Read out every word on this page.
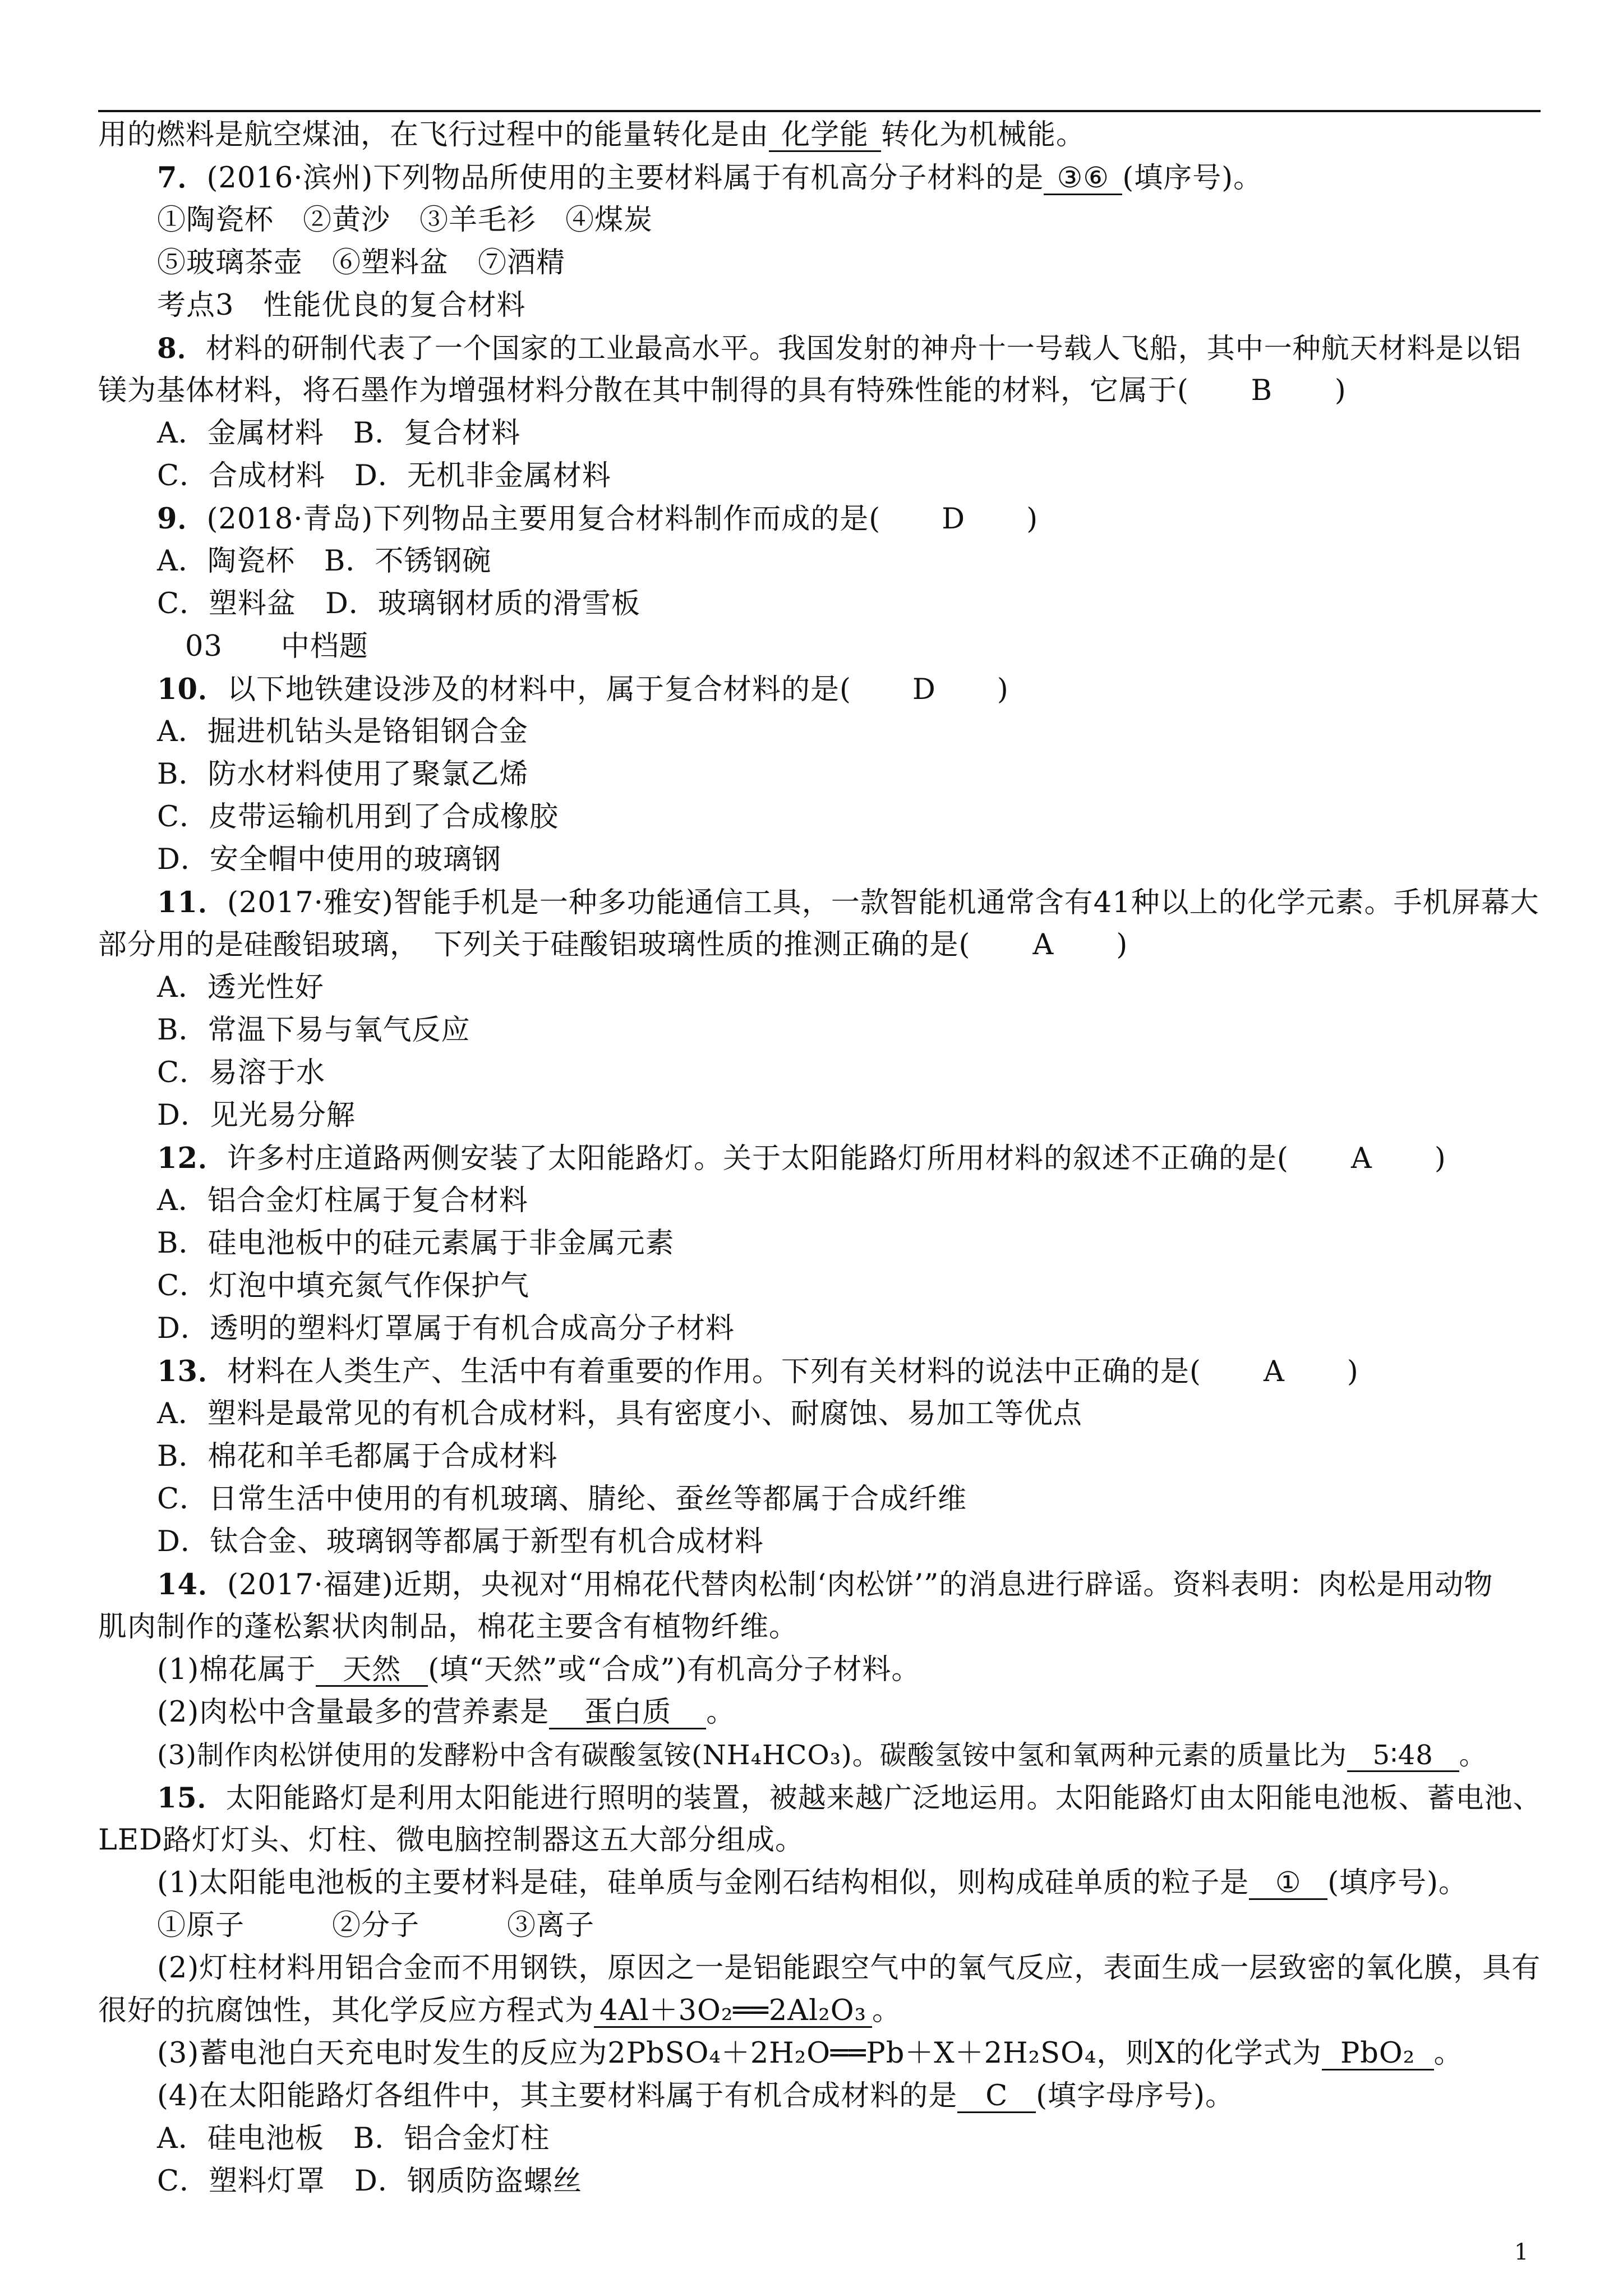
用的燃料是航空煤油，在飞行过程中的能量转化是由 化学能 转化为机械能。

7．(2016·滨州)下列物品所使用的主要材料属于有机高分子材料的是 ③⑥ (填序号)。

①陶瓷杯　②黄沙　③羊毛衫　④煤炭

⑤玻璃茶壶　⑥塑料盆　⑦酒精

考点3　性能优良的复合材料

8．材料的研制代表了一个国家的工业最高水平。我国发射的神舟十一号载人飞船，其中一种航天材料是以铝

镁为基体材料，将石墨作为增强材料分散在其中制得的具有特殊性能的材料，它属于( B )

A．金属材料　B．复合材料

C．合成材料　D．无机非金属材料

9．(2018·青岛)下列物品主要用复合材料制作而成的是( D )

A．陶瓷杯　B．不锈钢碗

C．塑料盆　D．玻璃钢材质的滑雪板

03　　中档题

10．以下地铁建设涉及的材料中，属于复合材料的是( D )

A．掘进机钻头是铬钼钢合金

B．防水材料使用了聚氯乙烯

C．皮带运输机用到了合成橡胶

D．安全帽中使用的玻璃钢

11．(2017·雅安)智能手机是一种多功能通信工具，一款智能机通常含有41种以上的化学元素。手机屏幕大

部分用的是硅酸铝玻璃，　下列关于硅酸铝玻璃性质的推测正确的是( A )

A．透光性好

B．常温下易与氧气反应

C．易溶于水

D．见光易分解

12．许多村庄道路两侧安装了太阳能路灯。关于太阳能路灯所用材料的叙述不正确的是( A )

A．铝合金灯柱属于复合材料

B．硅电池板中的硅元素属于非金属元素

C．灯泡中填充氮气作保护气

D．透明的塑料灯罩属于有机合成高分子材料

13．材料在人类生产、生活中有着重要的作用。下列有关材料的说法中正确的是( A )

A．塑料是最常见的有机合成材料，具有密度小、耐腐蚀、易加工等优点

B．棉花和羊毛都属于合成材料

C．日常生活中使用的有机玻璃、腈纶、蚕丝等都属于合成纤维

D．钛合金、玻璃钢等都属于新型有机合成材料

14．(2017·福建)近期，央视对“用棉花代替肉松制‘肉松饼’”的消息进行辟谣。资料表明：肉松是用动物

肌肉制作的蓬松絮状肉制品，棉花主要含有植物纤维。

(1)棉花属于 天然 (填“天然”或“合成”)有机高分子材料。

(2)肉松中含量最多的营养素是 蛋白质 。

(3)制作肉松饼使用的发酵粉中含有碳酸氢铵(NH₄HCO₃)。碳酸氢铵中氢和氧两种元素的质量比为 5∶48 。

15．太阳能路灯是利用太阳能进行照明的装置，被越来越广泛地运用。太阳能路灯由太阳能电池板、蓄电池、

LED路灯灯头、灯柱、微电脑控制器这五大部分组成。

(1)太阳能电池板的主要材料是硅，硅单质与金刚石结构相似，则构成硅单质的粒子是 ① (填序号)。

①原子　　　②分子　　　③离子

(2)灯柱材料用铝合金而不用钢铁，原因之一是铝能跟空气中的氧气反应，表面生成一层致密的氧化膜，具有

很好的抗腐蚀性，其化学反应方程式为 4Al＋3O₂══2Al₂O₃ 。

(3)蓄电池白天充电时发生的反应为2PbSO₄＋2H₂O══Pb＋X＋2H₂SO₄，则X的化学式为 PbO₂ 。

(4)在太阳能路灯各组件中，其主要材料属于有机合成材料的是 C (填字母序号)。

A．硅电池板　B．铝合金灯柱

C．塑料灯罩　D．钢质防盗螺丝

1
